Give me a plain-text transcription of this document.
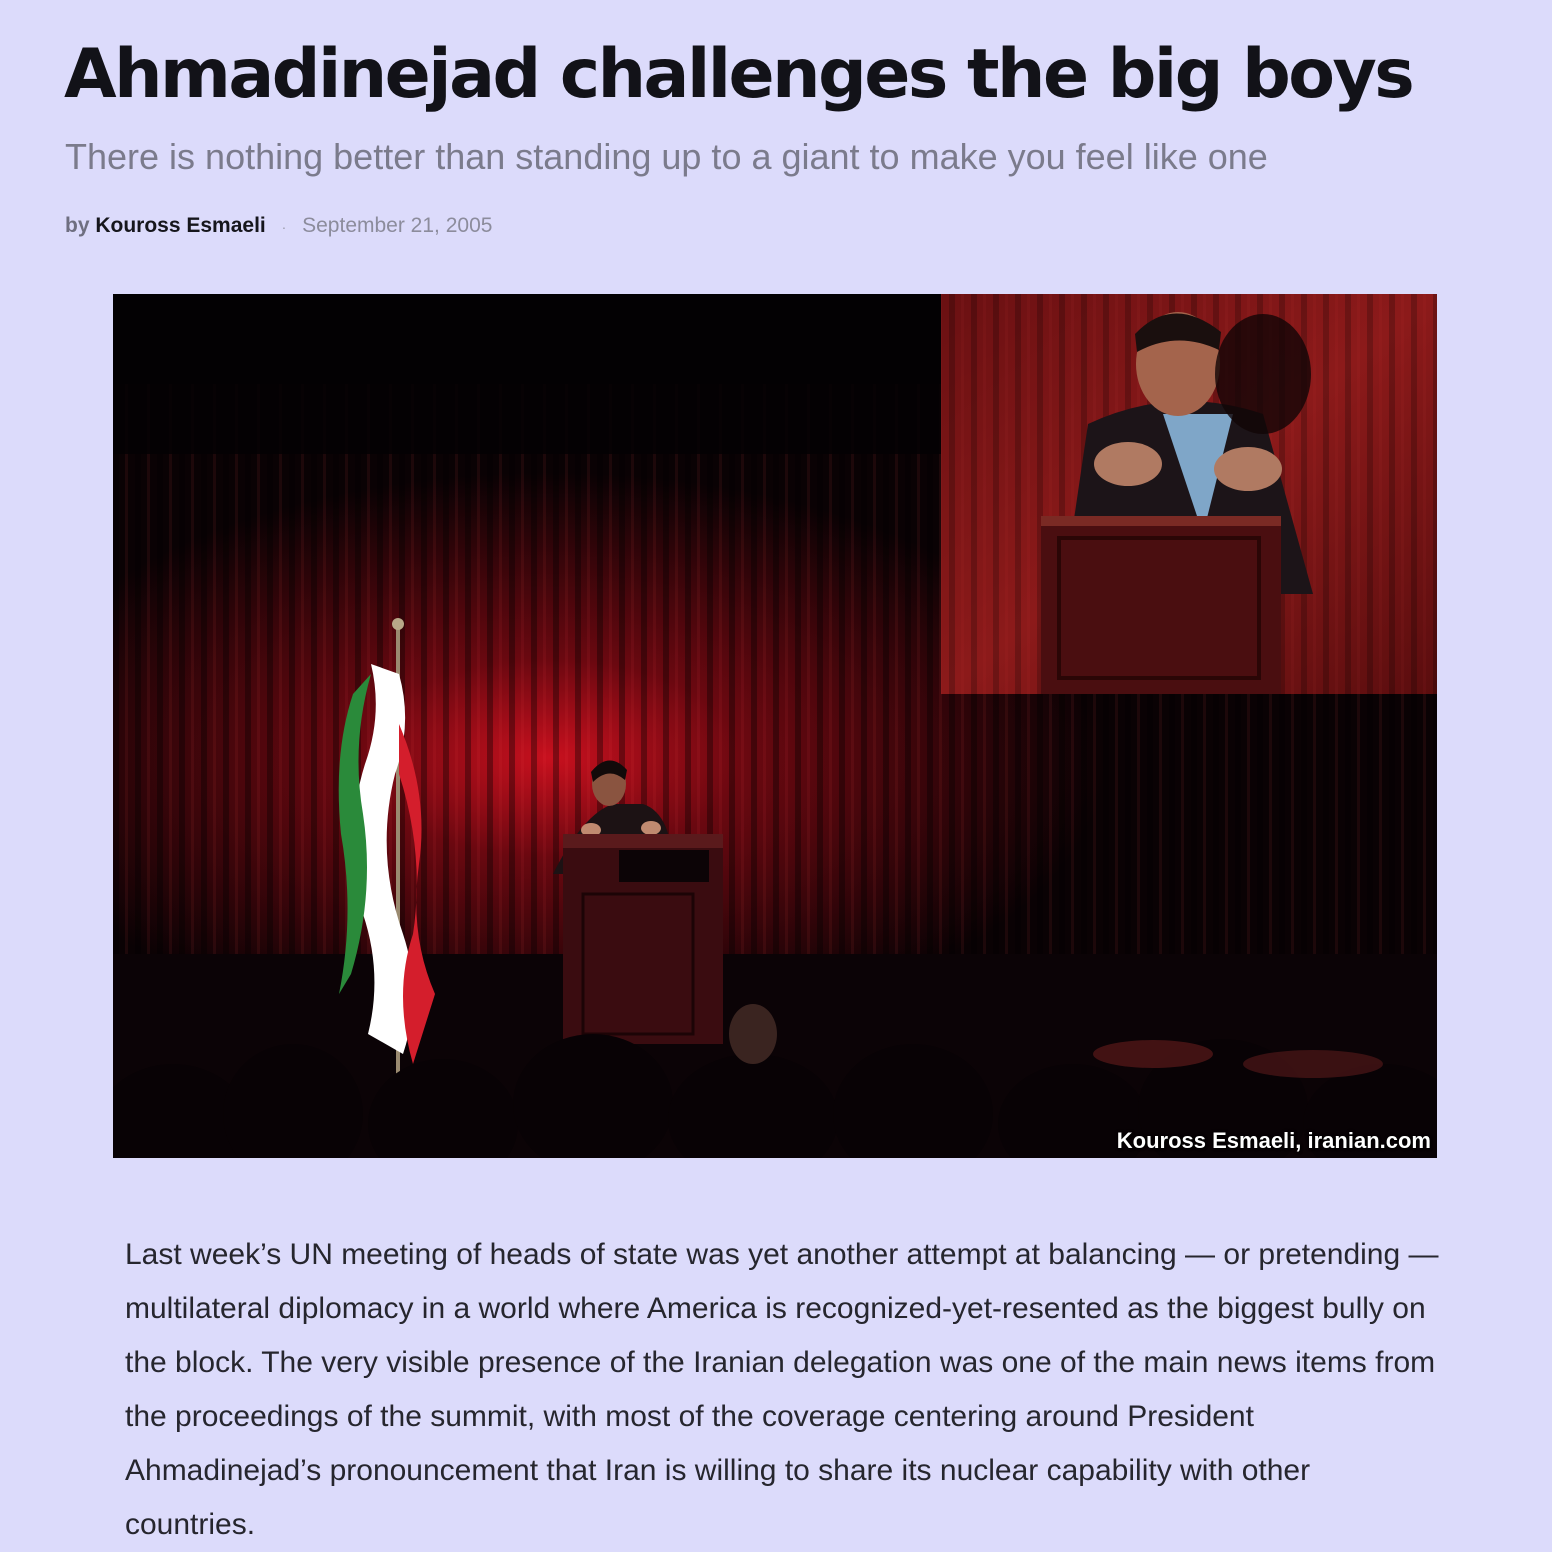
Ahmadinejad challenges the big boys

There is nothing better than standing up to a giant to make you feel like one

by Kouross Esmaeli · September 21, 2005
Kouross Esmaeli, iranian.com

Last week’s UN meeting of heads of state was yet another attempt at balancing — or pretending — multilateral diplomacy in a world where America is recognized-yet-resented as the biggest bully on the block. The very visible presence of the Iranian delegation was one of the main news items from the proceedings of the summit, with most of the coverage centering around President Ahmadinejad’s pronouncement that Iran is willing to share its nuclear capability with other countries.
